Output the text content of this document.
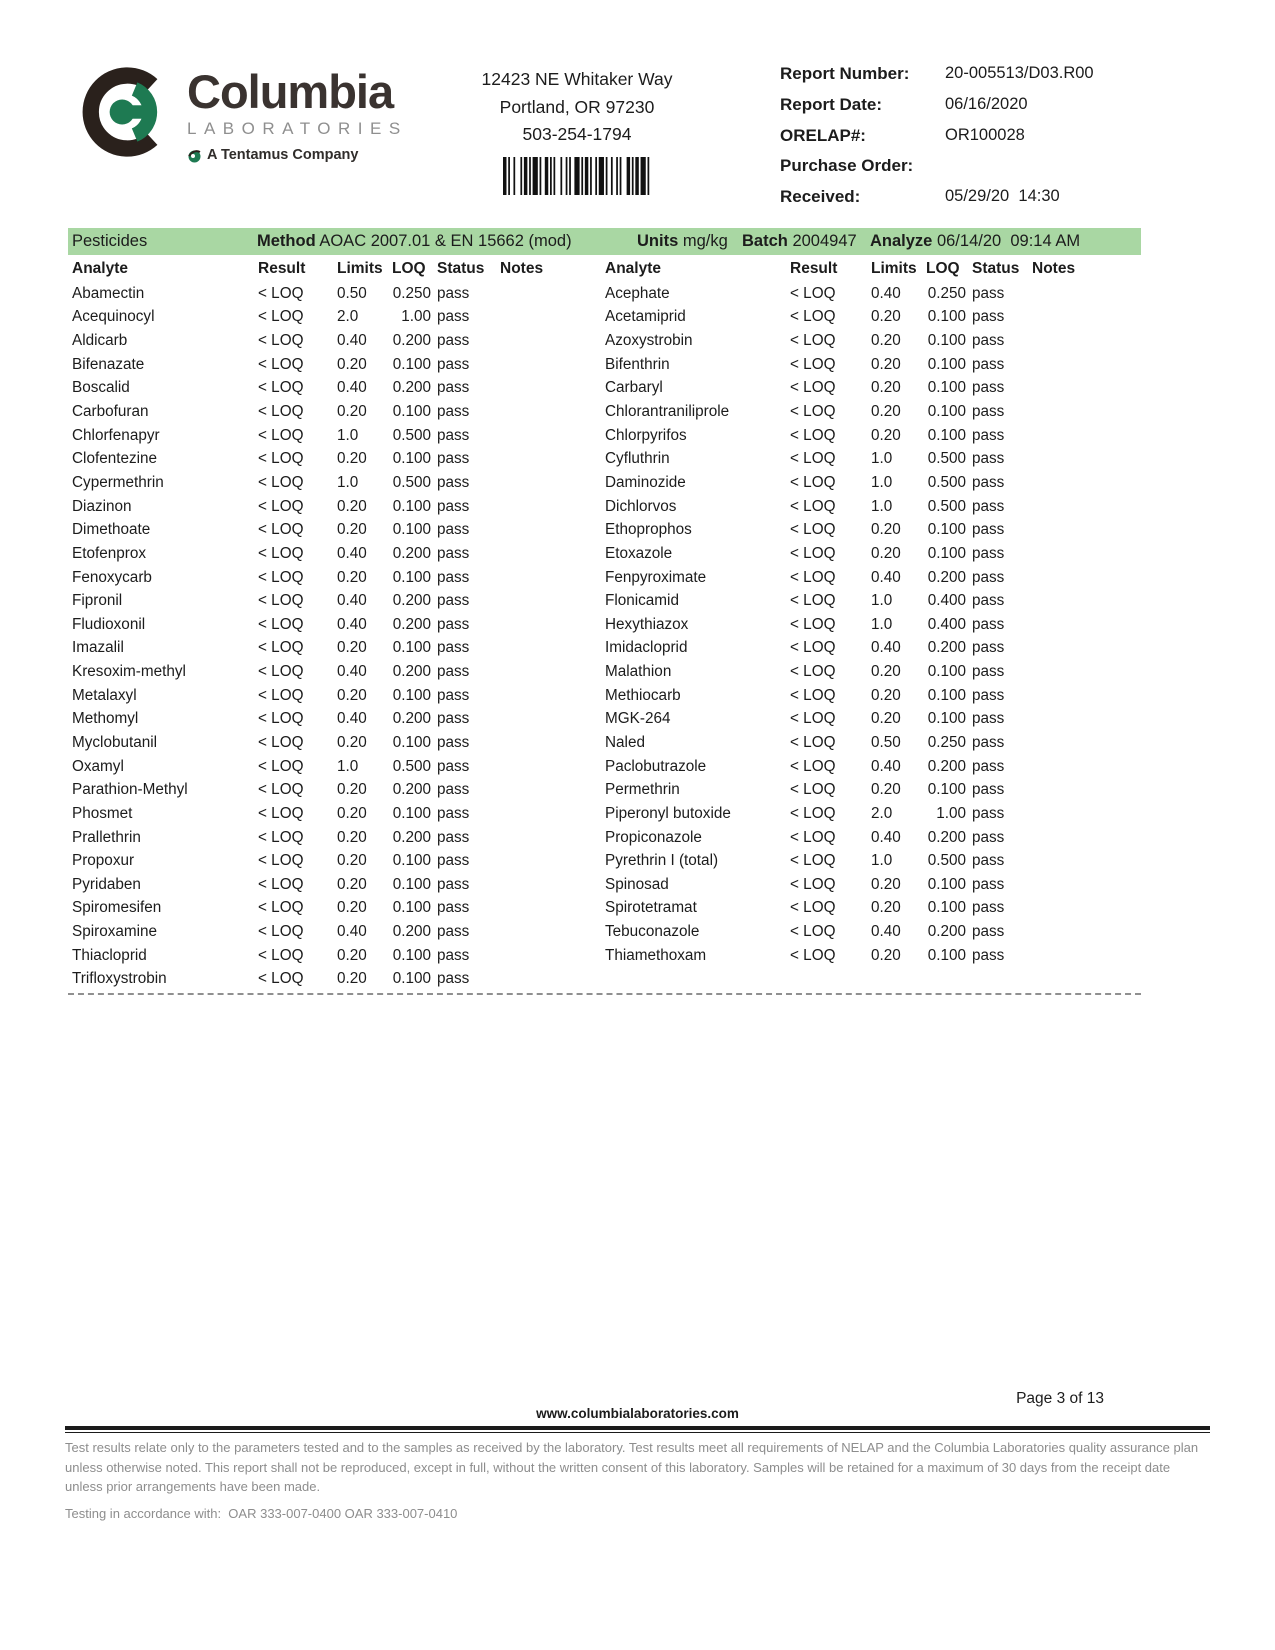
Columbia
LABORATORIES
A Tentamus Company
12423 NE Whitaker Way
Portland, OR 97230
503-254-1794
Report Number:	20-005513/D03.R00
Report Date:	06/16/2020
ORELAP#:	OR100028
Purchase Order:
Received:	05/29/20  14:30
Pesticides	Method AOAC 2007.01 & EN 15662 (mod)	Units mg/kg Batch 2004947 Analyze 06/14/20  09:14 AM
Analyte	Result	Limits LOQ Status	Notes
Abamectin	< LOQ	0.50	0.250 pass
Acequinocyl	< LOQ	2.0	1.00 pass
Aldicarb	< LOQ	0.40	0.200 pass
Bifenazate	< LOQ	0.20	0.100 pass
Boscalid	< LOQ	0.40	0.200 pass
Carbofuran	< LOQ	0.20	0.100 pass
Chlorfenapyr	< LOQ	1.0	0.500 pass
Clofentezine	< LOQ	0.20	0.100 pass
Cypermethrin	< LOQ	1.0	0.500 pass
Diazinon	< LOQ	0.20	0.100 pass
Dimethoate	< LOQ	0.20	0.100 pass
Etofenprox	< LOQ	0.40	0.200 pass
Fenoxycarb	< LOQ	0.20	0.100 pass
Fipronil	< LOQ	0.40	0.200 pass
Fludioxonil	< LOQ	0.40	0.200 pass
Imazalil	< LOQ	0.20	0.100 pass
Kresoxim-methyl	< LOQ	0.40	0.200 pass
Metalaxyl	< LOQ	0.20	0.100 pass
Methomyl	< LOQ	0.40	0.200 pass
Myclobutanil	< LOQ	0.20	0.100 pass
Oxamyl	< LOQ	1.0	0.500 pass
Parathion-Methyl	< LOQ	0.20	0.200 pass
Phosmet	< LOQ	0.20	0.100 pass
Prallethrin	< LOQ	0.20	0.200 pass
Propoxur	< LOQ	0.20	0.100 pass
Pyridaben	< LOQ	0.20	0.100 pass
Spiromesifen	< LOQ	0.20	0.100 pass
Spiroxamine	< LOQ	0.40	0.200 pass
Thiacloprid	< LOQ	0.20	0.100 pass
Trifloxystrobin	< LOQ	0.20	0.100 pass
Analyte	Result	Limits LOQ Status Notes
Acephate	< LOQ	0.40	0.250 pass
Acetamiprid	< LOQ	0.20	0.100 pass
Azoxystrobin	< LOQ	0.20	0.100 pass
Bifenthrin	< LOQ	0.20	0.100 pass
Carbaryl	< LOQ	0.20	0.100 pass
Chlorantraniliprole	< LOQ	0.20	0.100 pass
Chlorpyrifos	< LOQ	0.20	0.100 pass
Cyfluthrin	< LOQ	1.0	0.500 pass
Daminozide	< LOQ	1.0	0.500 pass
Dichlorvos	< LOQ	1.0	0.500 pass
Ethoprophos	< LOQ	0.20	0.100 pass
Etoxazole	< LOQ	0.20	0.100 pass
Fenpyroximate	< LOQ	0.40	0.200 pass
Flonicamid	< LOQ	1.0	0.400 pass
Hexythiazox	< LOQ	1.0	0.400 pass
Imidacloprid	< LOQ	0.40	0.200 pass
Malathion	< LOQ	0.20	0.100 pass
Methiocarb	< LOQ	0.20	0.100 pass
MGK-264	< LOQ	0.20	0.100 pass
Naled	< LOQ	0.50	0.250 pass
Paclobutrazole	< LOQ	0.40	0.200 pass
Permethrin	< LOQ	0.20	0.100 pass
Piperonyl butoxide	< LOQ	2.0	1.00 pass
Propiconazole	< LOQ	0.40	0.200 pass
Pyrethrin I (total)	< LOQ	1.0	0.500 pass
Spinosad	< LOQ	0.20	0.100 pass
Spirotetramat	< LOQ	0.20	0.100 pass
Tebuconazole	< LOQ	0.40	0.200 pass
Thiamethoxam	< LOQ	0.20	0.100 pass
Page 3 of 13
www.columbialaboratories.com
Test results relate only to the parameters tested and to the samples as received by the laboratory. Test results meet all requirements of NELAP and the Columbia Laboratories quality assurance plan unless otherwise noted. This report shall not be reproduced, except in full, without the written consent of this laboratory. Samples will be retained for a maximum of 30 days from the receipt date unless prior arrangements have been made.
Testing in accordance with:  OAR 333-007-0400 OAR 333-007-0410
